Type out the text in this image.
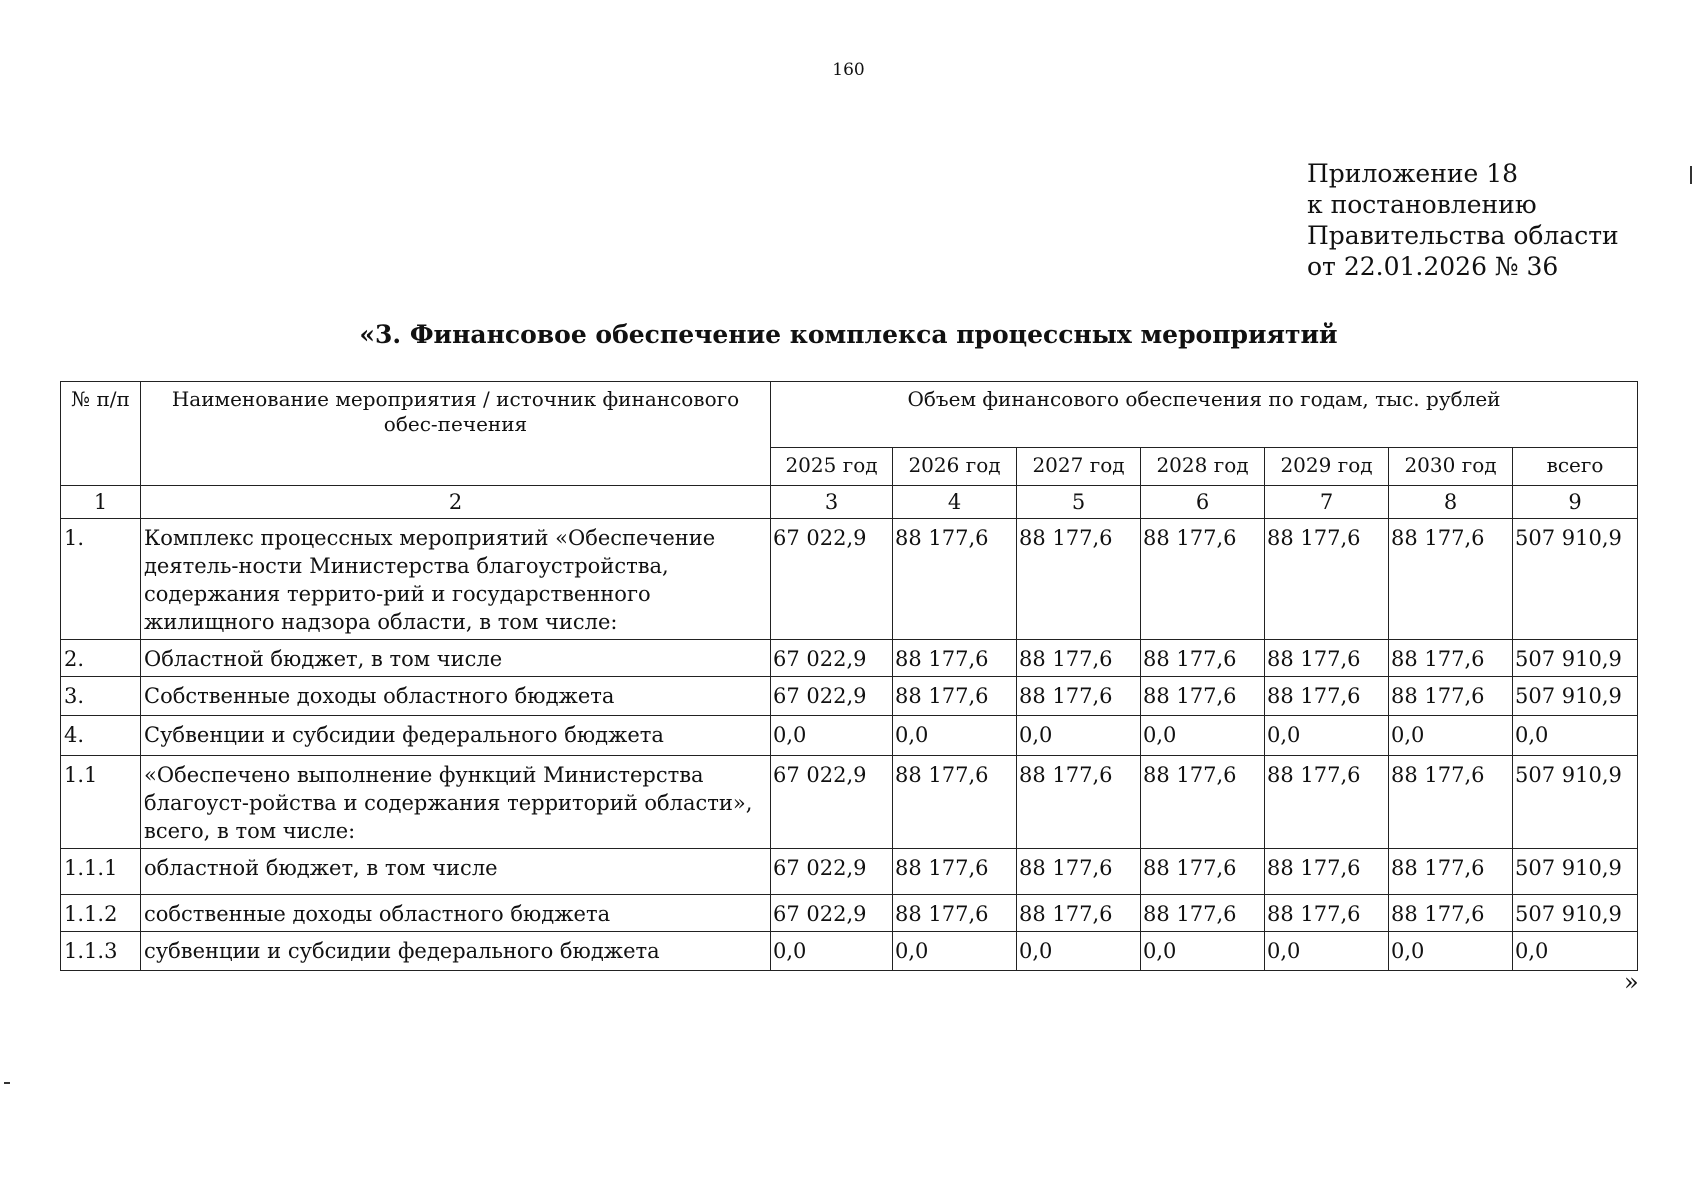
160
Приложение 18
к постановлению
Правительства области
от 22.01.2026 № 36
«3. Финансовое обеспечение комплекса процессных мероприятий
№ п/п	Наименование мероприятия / источник финансового обес-печения	Объем финансового обеспечения по годам, тыс. рублей						
		2025 год	2026 год	2027 год	2028 год	2029 год	2030 год	всего
1	2	3	4	5	6	7	8	9
1.	Комплекс процессных мероприятий «Обеспечение деятель-ности Министерства благоустройства, содержания террито-рий и государственного жилищного надзора области, в том числе:	67 022,9	88 177,6	88 177,6	88 177,6	88 177,6	88 177,6	507 910,9
2.	Областной бюджет, в том числе	67 022,9	88 177,6	88 177,6	88 177,6	88 177,6	88 177,6	507 910,9
3.	Собственные доходы областного бюджета	67 022,9	88 177,6	88 177,6	88 177,6	88 177,6	88 177,6	507 910,9
4.	Субвенции и субсидии федерального бюджета	0,0	0,0	0,0	0,0	0,0	0,0	0,0
1.1	«Обеспечено выполнение функций Министерства благоуст-ройства и содержания территорий области», всего, в том числе:	67 022,9	88 177,6	88 177,6	88 177,6	88 177,6	88 177,6	507 910,9
1.1.1	областной бюджет, в том числе	67 022,9	88 177,6	88 177,6	88 177,6	88 177,6	88 177,6	507 910,9
1.1.2	собственные доходы областного бюджета	67 022,9	88 177,6	88 177,6	88 177,6	88 177,6	88 177,6	507 910,9
1.1.3	субвенции и субсидии федерального бюджета	0,0	0,0	0,0	0,0	0,0	0,0	0,0
»
